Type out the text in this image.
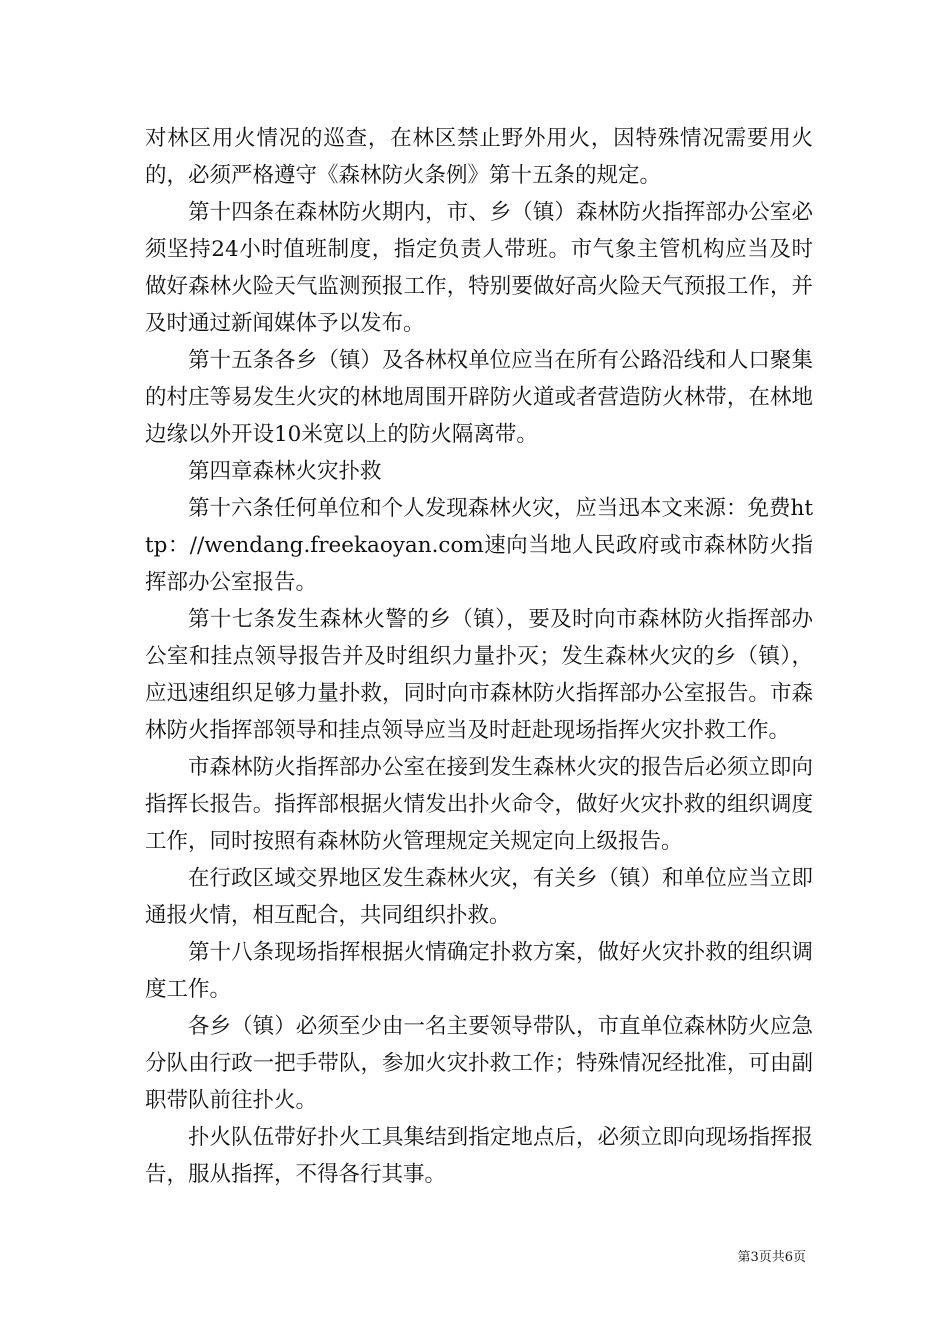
对林区用火情况的巡查，在林区禁止野外用火，因特殊情况需要用火的，必须严格遵守《森林防火条例》第十五条的规定。

第十四条在森林防火期内，市、乡（镇）森林防火指挥部办公室必须坚持24小时值班制度，指定负责人带班。市气象主管机构应当及时做好森林火险天气监测预报工作，特别要做好高火险天气预报工作，并及时通过新闻媒体予以发布。

第十五条各乡（镇）及各林权单位应当在所有公路沿线和人口聚集的村庄等易发生火灾的林地周围开辟防火道或者营造防火林带，在林地边缘以外开设10米宽以上的防火隔离带。

第四章森林火灾扑救

第十六条任何单位和个人发现森林火灾，应当迅本文来源：免费http：//wendang.freekaoyan.com速向当地人民政府或市森林防火指挥部办公室报告。

第十七条发生森林火警的乡（镇），要及时向市森林防火指挥部办公室和挂点领导报告并及时组织力量扑灭；发生森林火灾的乡（镇），应迅速组织足够力量扑救，同时向市森林防火指挥部办公室报告。市森林防火指挥部领导和挂点领导应当及时赶赴现场指挥火灾扑救工作。

市森林防火指挥部办公室在接到发生森林火灾的报告后必须立即向指挥长报告。指挥部根据火情发出扑火命令，做好火灾扑救的组织调度工作，同时按照有森林防火管理规定关规定向上级报告。

在行政区域交界地区发生森林火灾，有关乡（镇）和单位应当立即通报火情，相互配合，共同组织扑救。

第十八条现场指挥根据火情确定扑救方案，做好火灾扑救的组织调度工作。

各乡（镇）必须至少由一名主要领导带队，市直单位森林防火应急分队由行政一把手带队，参加火灾扑救工作；特殊情况经批准，可由副职带队前往扑火。

扑火队伍带好扑火工具集结到指定地点后，必须立即向现场指挥报告，服从指挥，不得各行其事。

第3页共6页
